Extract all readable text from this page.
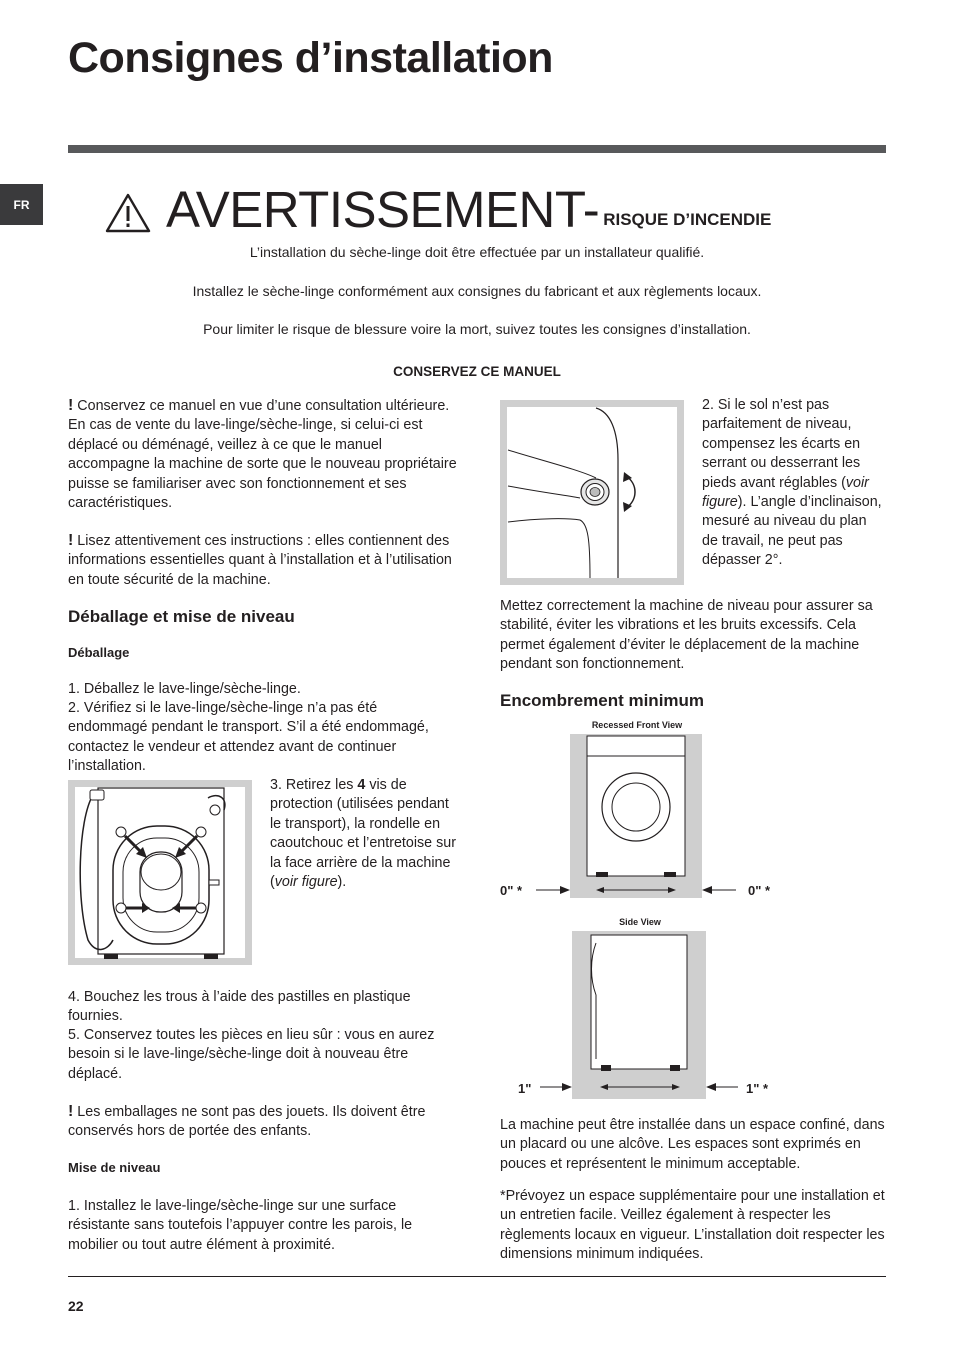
Consignes d’installation
FR	AVERTISSEMENT- RISQUE D’INCENDIE
L’installation du sèche-linge doit être effectuée par un installateur qualifié.
Installez le sèche-linge conformément aux consignes du fabricant et aux règlements locaux.
Pour limiter le risque de blessure voire la mort, suivez toutes les consignes d’installation.
CONSERVEZ CE MANUEL
! Conservez ce manuel en vue d’une consultation ultérieure. En cas de vente du lave-linge/sèche-linge, si celui-ci est déplacé ou déménagé, veillez à ce que le manuel accompagne la machine de sorte que le nouveau propriétaire puisse se familiariser avec son fonctionnement et ses caractéristiques.
! Lisez attentivement ces instructions : elles contiennent des informations essentielles quant à l’installation et à l’utilisation en toute sécurité de la machine.
Déballage et mise de niveau
Déballage
1. Déballez le lave-linge/sèche-linge.
2. Vérifiez si le lave-linge/sèche-linge n’a pas été endommagé pendant le transport. S’il a été endommagé, contactez le vendeur et attendez avant de continuer l’installation.
3. Retirez les 4 vis de protection (utilisées pendant le transport), la rondelle en caoutchouc et l’entretoise sur la face arrière de la machine (voir figure).
4. Bouchez les trous à l’aide des pastilles en plastique fournies.
5. Conservez toutes les pièces en lieu sûr : vous en aurez besoin si le lave-linge/sèche-linge doit à nouveau être déplacé.
! Les emballages ne sont pas des jouets. Ils doivent être conservés hors de portée des enfants.
Mise de niveau
1. Installez le lave-linge/sèche-linge sur une surface résistante sans toutefois l’appuyer contre les parois, le mobilier ou tout autre élément à proximité.
2. Si le sol n’est pas parfaitement de niveau, compensez les écarts en serrant ou desserrant les pieds avant réglables (voir figure). L’angle d’inclinaison, mesuré au niveau du plan de travail, ne peut pas dépasser 2°.
Mettez correctement la machine de niveau pour assurer sa stabilité, éviter les vibrations et les bruits excessifs. Cela permet également d’éviter le déplacement de la machine pendant son fonctionnement.
Encombrement minimum
Recessed Front View
0" *	0" *
Side View
1"	1" *
La machine peut être installée dans un espace confiné, dans un placard ou une alcôve. Les espaces sont exprimés en pouces et représentent le minimum acceptable.
*Prévoyez un espace supplémentaire pour une installation et un entretien facile. Veillez également à respecter les règlements locaux en vigueur. L’installation doit respecter les dimensions minimum indiquées.
22
